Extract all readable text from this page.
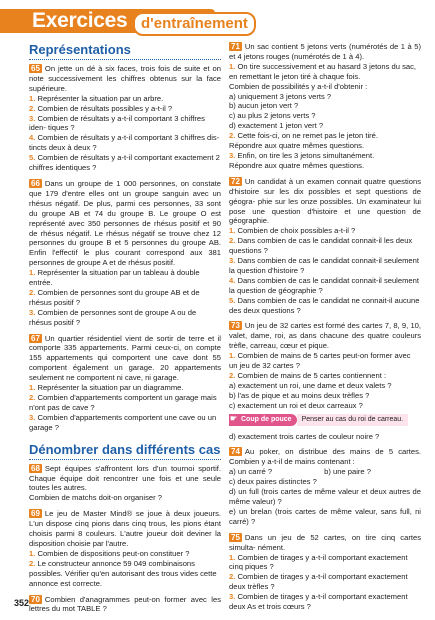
Exercices d'entraînement
Représentations

65 On jette un dé à six faces, trois fois de suite et on note successivement les chiffres obtenus sur la face supérieure.

1. Représenter la situation par un arbre.

2. Combien de résultats possibles y a-t-il ?

3. Combien de résultats y a-t-il comportant 3 chiffres iden- tiques ?

4. Combien de résultats y a-t-il comportant 3 chiffres dis- tincts deux à deux ?

5. Combien de résultats y a-t-il comportant exactement 2 chiffres identiques ?

66 Dans un groupe de 1 000 personnes, on constate que 179 d'entre elles ont un groupe sanguin avec un rhésus négatif. De plus, parmi ces personnes, 33 sont du groupe AB et 74 du groupe B. Le groupe O est représenté avec 350 personnes de rhésus positif et 90 de rhésus négatif. Le rhésus négatif se trouve chez 12 personnes du groupe B et 5 personnes du groupe AB. Enfin l'effectif le plus courant correspond aux 381 personnes de groupe A et de rhésus positif.

1. Représenter la situation par un tableau à double entrée.

2. Combien de personnes sont du groupe AB et de rhésus positif ?

3. Combien de personnes sont de groupe A ou de rhésus positif ?

67 Un quartier résidentiel vient de sortir de terre et il comporte 335 appartements. Parmi ceux-ci, on compte 155 appartements qui comportent une cave dont 55 comportent également un garage. 20 appartements seulement ne comportent ni cave, ni garage.

1. Représenter la situation par un diagramme.

2. Combien d'appartements comportent un garage mais n'ont pas de cave ?

3. Combien d'appartements comportent une cave ou un garage ?

Dénombrer dans différents cas

68 Sept équipes s'affrontent lors d'un tournoi sportif. Chaque équipe doit rencontrer une fois et une seule toutes les autres.

Combien de matchs doit-on organiser ?

69 Le jeu de Master Mind® se joue à deux joueurs. L'un dispose cinq pions dans cinq trous, les pions étant choisis parmi 8 couleurs. L'autre joueur doit deviner la disposition choisie par l'autre.

1. Combien de dispositions peut-on constituer ?

2. Le constructeur annonce 59 049 combinaisons possibles. Vérifier qu'en autorisant des trous vides cette annonce est correcte.

70 Combien d'anagrammes peut-on former avec les lettres du mot TABLE ?

71 Un sac contient 5 jetons verts (numérotés de 1 à 5) et 4 jetons rouges (numérotés de 1 à 4).

1. On tire successivement et au hasard 3 jetons du sac, en remettant le jeton tiré à chaque fois.

Combien de possibilités y a-t-il d'obtenir :

a) uniquement 3 jetons verts ?

b) aucun jeton vert ?

c) au plus 2 jetons verts ?

d) exactement 1 jeton vert ?

2. Cette fois-ci, on ne remet pas le jeton tiré.

Répondre aux quatre mêmes questions.

3. Enfin, on tire les 3 jetons simultanément.

Répondre aux quatre mêmes questions.

72 Un candidat à un examen connait quatre questions d'histoire sur les dix possibles et sept questions de géogra- phie sur les onze possibles. Un examinateur lui pose une question d'histoire et une question de géographie.

1. Combien de choix possibles a-t-il ?

2. Dans combien de cas le candidat connait-il les deux questions ?

3. Dans combien de cas le candidat connait-il seulement la question d'histoire ?

4. Dans combien de cas le candidat connait-il seulement la question de géographie ?

5. Dans combien de cas le candidat ne connait-il aucune des deux questions ?

73 Un jeu de 32 cartes est formé des cartes 7, 8, 9, 10, valet, dame, roi, as dans chacune des quatre couleurs trèfle, carreau, cœur et pique.

1. Combien de mains de 5 cartes peut-on former avec un jeu de 32 cartes ?

2. Combien de mains de 5 cartes contiennent :

a) exactement un roi, une dame et deux valets ?

b) l'as de pique et au moins deux trèfles ?

c) exactement un roi et deux carreaux ?

☛ Coup de pouce	Penser au cas du roi de carreau.

d) exactement trois cartes de couleur noire ?

74 Au poker, on distribue des mains de 5 cartes. Combien y a-t-il de mains contenant :

a) un carré ?	b) une paire ?

c) deux paires distinctes ?

d) un full (trois cartes de même valeur et deux autres de même valeur) ?

e) un brelan (trois cartes de même valeur, sans full, ni carré) ?

75 Dans un jeu de 52 cartes, on tire cinq cartes simulta- nément.

1. Combien de tirages y a-t-il comportant exactement cinq piques ?

2. Combien de tirages y a-t-il comportant exactement deux trèfles ?

3. Combien de tirages y a-t-il comportant exactement deux As et trois cœurs ?

352
